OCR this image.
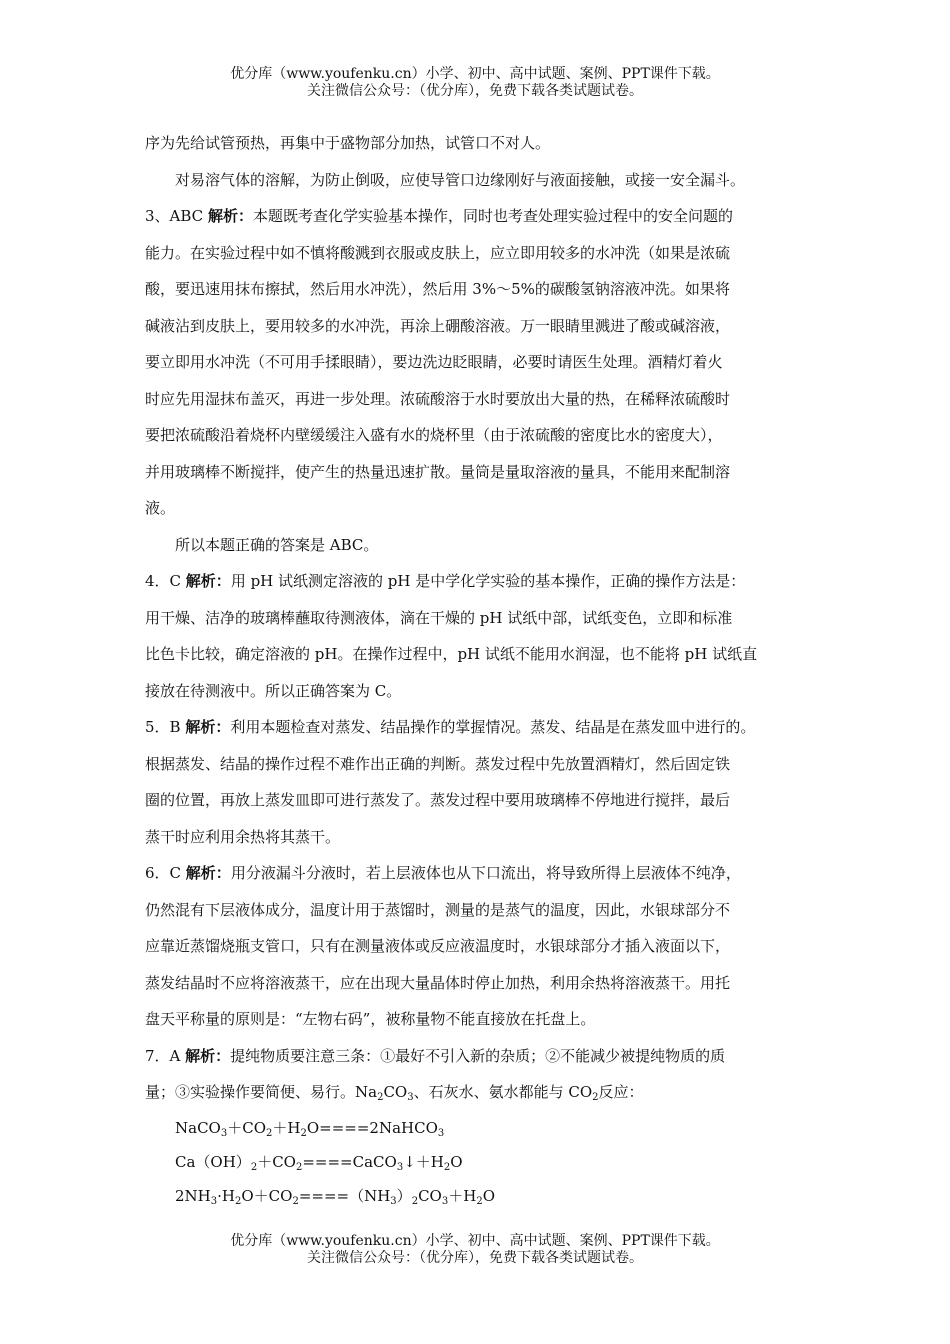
优分库（www.youfenku.cn）小学、初中、高中试题、案例、PPT课件下载。
关注微信公众号：（优分库），免费下载各类试题试卷。

序为先给试管预热，再集中于盛物部分加热，试管口不对人。

对易溶气体的溶解，为防止倒吸，应使导管口边缘刚好与液面接触，或接一安全漏斗。

3、ABC 解析：本题既考查化学实验基本操作，同时也考查处理实验过程中的安全问题的

能力。在实验过程中如不慎将酸溅到衣服或皮肤上，应立即用较多的水冲洗（如果是浓硫

酸，要迅速用抹布擦拭，然后用水冲洗），然后用 3%～5%的碳酸氢钠溶液冲洗。如果将

碱液沾到皮肤上，要用较多的水冲洗，再涂上硼酸溶液。万一眼睛里溅进了酸或碱溶液，

要立即用水冲洗（不可用手揉眼睛），要边洗边眨眼睛，必要时请医生处理。酒精灯着火

时应先用湿抹布盖灭，再进一步处理。浓硫酸溶于水时要放出大量的热，在稀释浓硫酸时

要把浓硫酸沿着烧杯内壁缓缓注入盛有水的烧杯里（由于浓硫酸的密度比水的密度大），

并用玻璃棒不断搅拌，使产生的热量迅速扩散。量筒是量取溶液的量具，不能用来配制溶

液。

所以本题正确的答案是 ABC。

4．C 解析：用 pH 试纸测定溶液的 pH 是中学化学实验的基本操作，正确的操作方法是：

用干燥、洁净的玻璃棒蘸取待测液体，滴在干燥的 pH 试纸中部，试纸变色，立即和标准

比色卡比较，确定溶液的 pH。在操作过程中，pH 试纸不能用水润湿，也不能将 pH 试纸直

接放在待测液中。所以正确答案为 C。

5．B 解析：利用本题检查对蒸发、结晶操作的掌握情况。蒸发、结晶是在蒸发皿中进行的。

根据蒸发、结晶的操作过程不难作出正确的判断。蒸发过程中先放置酒精灯，然后固定铁

圈的位置，再放上蒸发皿即可进行蒸发了。蒸发过程中要用玻璃棒不停地进行搅拌，最后

蒸干时应利用余热将其蒸干。

6．C 解析：用分液漏斗分液时，若上层液体也从下口流出，将导致所得上层液体不纯净，

仍然混有下层液体成分，温度计用于蒸馏时，测量的是蒸气的温度，因此，水银球部分不

应靠近蒸馏烧瓶支管口，只有在测量液体或反应液温度时，水银球部分才插入液面以下，

蒸发结晶时不应将溶液蒸干，应在出现大量晶体时停止加热，利用余热将溶液蒸干。用托

盘天平称量的原则是：“左物右码”，被称量物不能直接放在托盘上。

7．A 解析：提纯物质要注意三条：①最好不引入新的杂质；②不能减少被提纯物质的质

量；③实验操作要简便、易行。$Na_2CO_3$、石灰水、氨水都能与 $CO_2$反应：

$NaCO_3+CO_2+H_2O====2NaHCO_3$

$Ca(OH)_2+CO_2====CaCO_3↓+H_2O$

$2NH_3\cdot H_2O+CO_2====(NH_3)_2CO_3+H_2O$

优分库（www.youfenku.cn）小学、初中、高中试题、案例、PPT课件下载。
关注微信公众号：（优分库），免费下载各类试题试卷。
